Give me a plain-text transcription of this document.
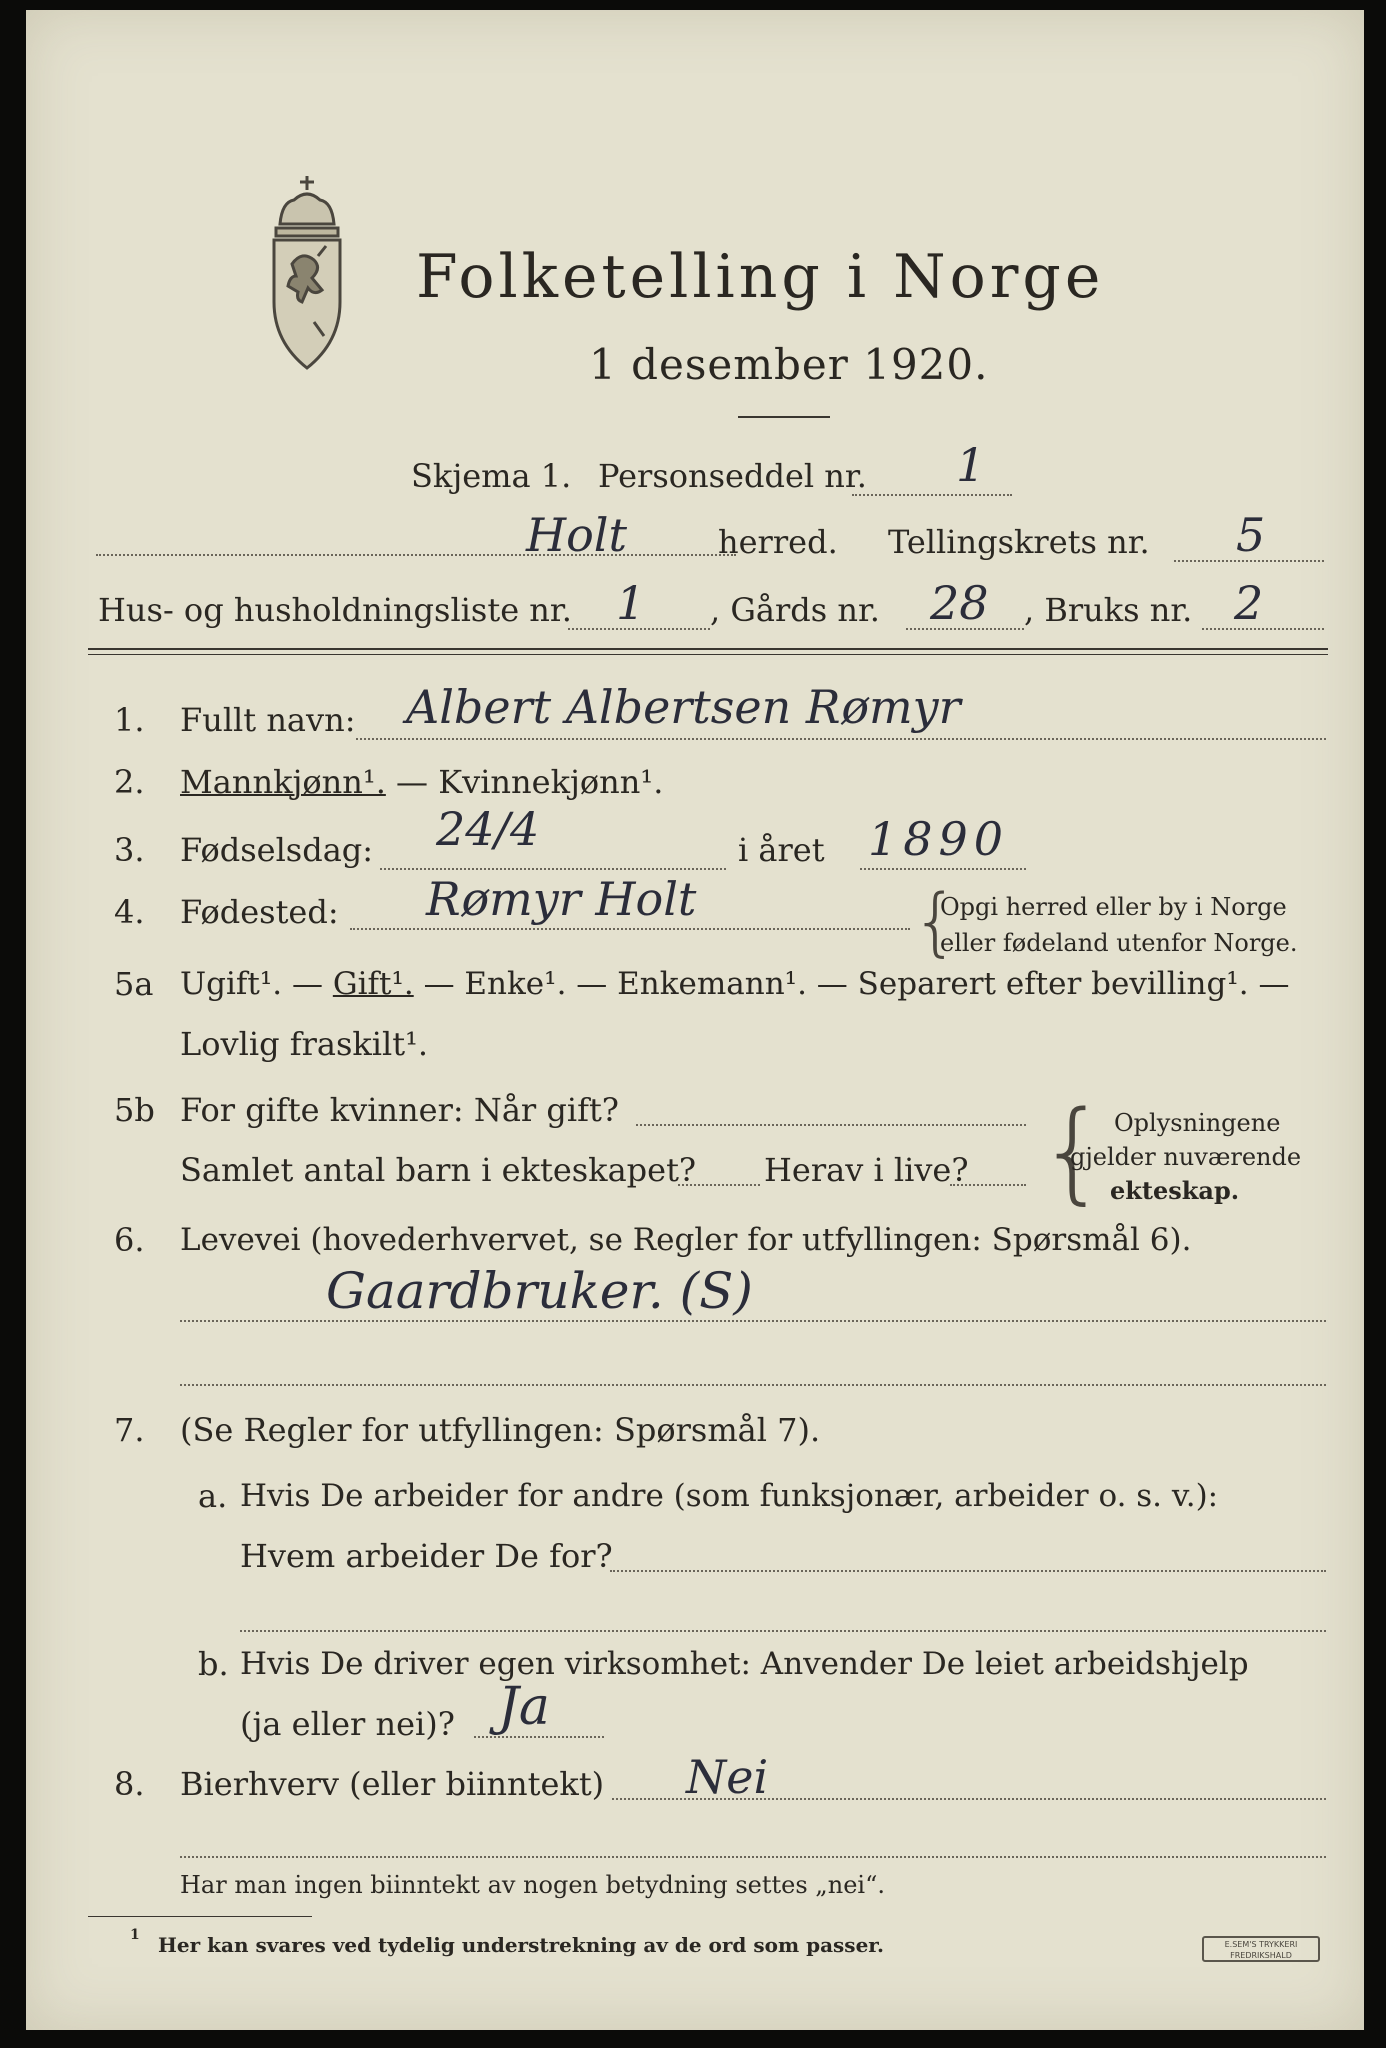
Folketelling i Norge
1 desember 1920.
Skjema 1. Personseddel nr. 1
Holt	herred. Tellingskrets nr. 5
Hus- og husholdningsliste nr. 1 , Gårds nr. 28 , Bruks nr. 2
1. Fullt navn: Albert Albertsen Rømyr
2. Mannkjønn¹. — Kvinnekjønn¹.
3. Fødselsdag: 24/4	i året 1890
4. Fødested: Rømyr Holt	{
Opgi herred eller by i Norge
eller fødeland utenfor Norge.
5a Ugift¹. — Gift¹. — Enke¹. — Enkemann¹. — Separert efter bevilling¹. —
Lovlig fraskilt¹.
5b For gifte kvinner: Når gift?
Samlet antal barn i ekteskapet? Herav i live? { Oplysningene
gjelder nuværende
ekteskap.
6. Levevei (hovederhvervet, se Regler for utfyllingen: Spørsmål 6).
Gaardbruker. (S)
7. (Se Regler for utfyllingen: Spørsmål 7).
a. Hvis De arbeider for andre (som funksjonær, arbeider o. s. v.):
Hvem arbeider De for?
b. Hvis De driver egen virksomhet: Anvender De leiet arbeidshjelp
(ja eller nei)? Ja
8. Bierhverv (eller biinntekt) Nei
Har man ingen biinntekt av nogen betydning settes „nei“.
1 Her kan svares ved tydelig understrekning av de ord som passer.	E.SEM'S TRYKKERI
FREDRIKSHALD
